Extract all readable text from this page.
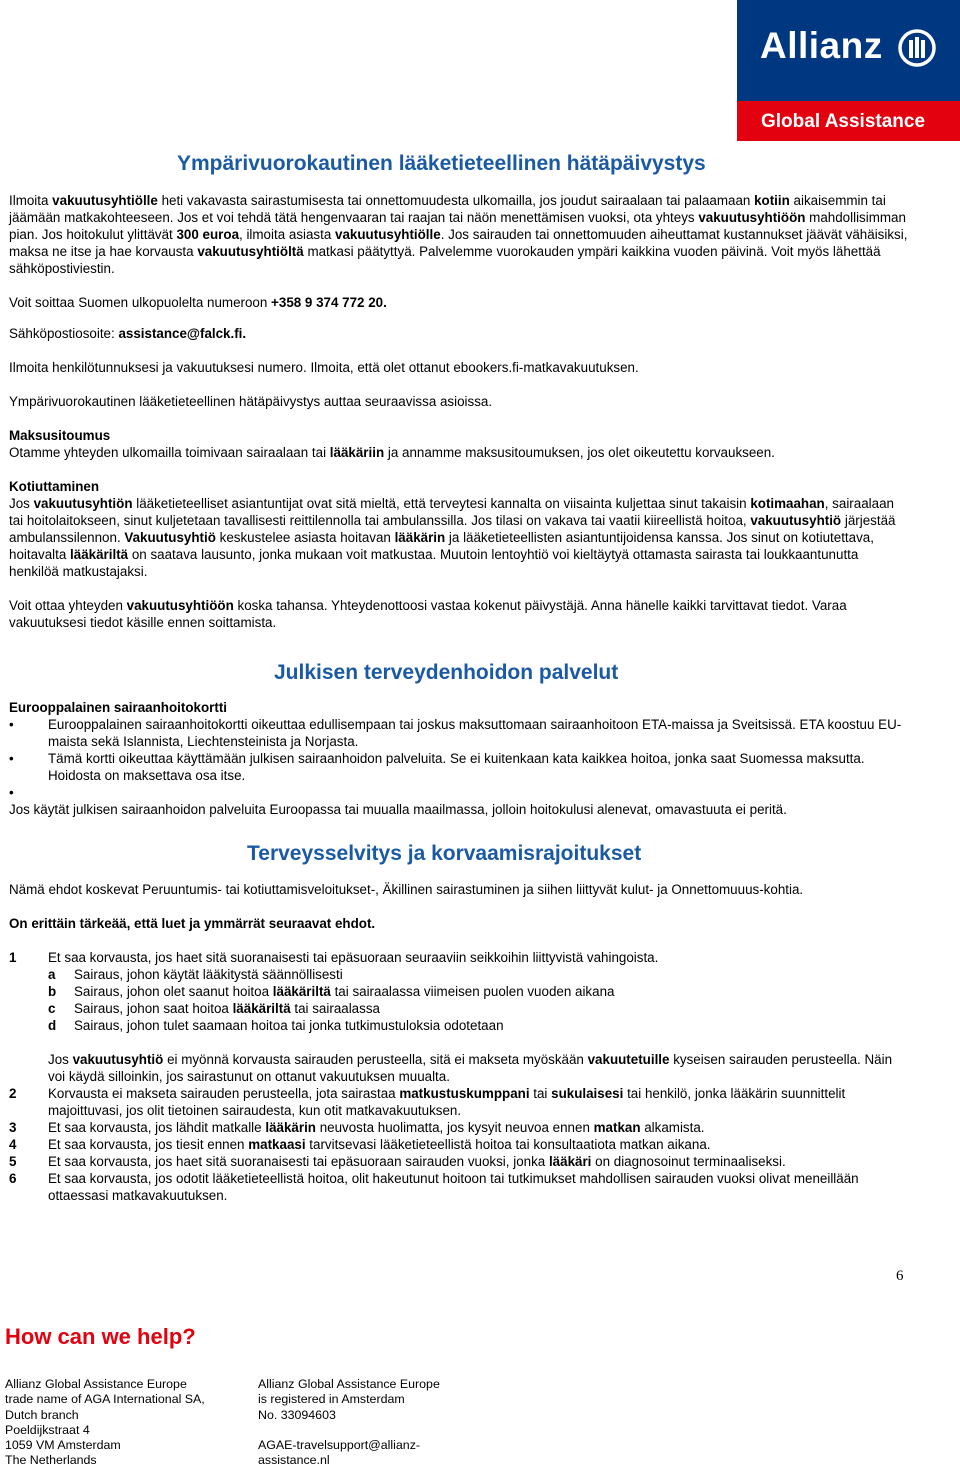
Allianz
Global Assistance
Ympärivuorokautinen lääketieteellinen hätäpäivystys

Ilmoita vakuutusyhtiölle heti vakavasta sairastumisesta tai onnettomuudesta ulkomailla, jos joudut sairaalaan tai palaamaan kotiin aikaisemmin tai jäämään matkakohteeseen. Jos et voi tehdä tätä hengenvaaran tai raajan tai näön menettämisen vuoksi, ota yhteys vakuutusyhtiöön mahdollisimman pian. Jos hoitokulut ylittävät 300 euroa, ilmoita asiasta vakuutusyhtiölle. Jos sairauden tai onnettomuuden aiheuttamat kustannukset jäävät vähäisiksi, maksa ne itse ja hae korvausta vakuutusyhtiöltä matkasi päätyttyä. Palvelemme vuorokauden ympäri kaikkina vuoden päivinä. Voit myös lähettää sähköpostiviestin.

Voit soittaa Suomen ulkopuolelta numeroon +358 9 374 772 20.

Sähköpostiosoite: assistance@falck.fi.

Ilmoita henkilötunnuksesi ja vakuutuksesi numero. Ilmoita, että olet ottanut ebookers.fi-matkavakuutuksen.

Ympärivuorokautinen lääketieteellinen hätäpäivystys auttaa seuraavissa asioissa.

Maksusitoumus

Otamme yhteyden ulkomailla toimivaan sairaalaan tai lääkäriin ja annamme maksusitoumuksen, jos olet oikeutettu korvaukseen.

Kotiuttaminen

Jos vakuutusyhtiön lääketieteelliset asiantuntijat ovat sitä mieltä, että terveytesi kannalta on viisainta kuljettaa sinut takaisin kotimaahan, sairaalaan tai hoitolaitokseen, sinut kuljetetaan tavallisesti reittilennolla tai ambulanssilla. Jos tilasi on vakava tai vaatii kiireellistä hoitoa, vakuutusyhtiö järjestää ambulanssilennon. Vakuutusyhtiö keskustelee asiasta hoitavan lääkärin ja lääketieteellisten asiantuntijoidensa kanssa. Jos sinut on kotiutettava, hoitavalta lääkäriltä on saatava lausunto, jonka mukaan voit matkustaa. Muutoin lentoyhtiö voi kieltäytyä ottamasta sairasta tai loukkaantunutta henkilöä matkustajaksi.

Voit ottaa yhteyden vakuutusyhtiöön koska tahansa. Yhteydenottoosi vastaa kokenut päivystäjä. Anna hänelle kaikki tarvittavat tiedot. Varaa vakuutuksesi tiedot käsille ennen soittamista.

Julkisen terveydenhoidon palvelut

Eurooppalainen sairaanhoitokortti

•	Eurooppalainen sairaanhoitokortti oikeuttaa edullisempaan tai joskus maksuttomaan sairaanhoitoon ETA-maissa ja Sveitsissä. ETA koostuu EU-maista sekä Islannista, Liechtensteinista ja Norjasta.
•	Tämä kortti oikeuttaa käyttämään julkisen sairaanhoidon palveluita. Se ei kuitenkaan kata kaikkea hoitoa, jonka saat Suomessa maksutta. Hoidosta on maksettava osa itse.
•

Jos käytät julkisen sairaanhoidon palveluita Euroopassa tai muualla maailmassa, jolloin hoitokulusi alenevat, omavastuuta ei peritä.

Terveysselvitys ja korvaamisrajoitukset

Nämä ehdot koskevat Peruuntumis- tai kotiuttamisveloitukset-, Äkillinen sairastuminen ja siihen liittyvät kulut- ja Onnettomuuus-kohtia.

On erittäin tärkeää, että luet ja ymmärrät seuraavat ehdot.

1	Et saa korvausta, jos haet sitä suoranaisesti tai epäsuoraan seuraaviin seikkoihin liittyvistä vahingoista.
a	Sairaus, johon käytät lääkitystä säännöllisesti
b	Sairaus, johon olet saanut hoitoa lääkäriltä tai sairaalassa viimeisen puolen vuoden aikana
c	Sairaus, johon saat hoitoa lääkäriltä tai sairaalassa
d	Sairaus, johon tulet saamaan hoitoa tai jonka tutkimustuloksia odotetaan
Jos vakuutusyhtiö ei myönnä korvausta sairauden perusteella, sitä ei makseta myöskään vakuutetuille kyseisen sairauden perusteella. Näin voi käydä silloinkin, jos sairastunut on ottanut vakuutuksen muualta.
2	Korvausta ei makseta sairauden perusteella, jota sairastaa matkustuskumppani tai sukulaisesi tai henkilö, jonka lääkärin suunnittelit majoittuvasi, jos olit tietoinen sairaudesta, kun otit matkavakuutuksen.
3	Et saa korvausta, jos lähdit matkalle lääkärin neuvosta huolimatta, jos kysyit neuvoa ennen matkan alkamista.
4	Et saa korvausta, jos tiesit ennen matkaasi tarvitsevasi lääketieteellistä hoitoa tai konsultaatiota matkan aikana.
5	Et saa korvausta, jos haet sitä suoranaisesti tai epäsuoraan sairauden vuoksi, jonka lääkäri on diagnosoinut terminaaliseksi.
6	Et saa korvausta, jos odotit lääketieteellistä hoitoa, olit hakeutunut hoitoon tai tutkimukset mahdollisen sairauden vuoksi olivat meneillään ottaessasi matkavakuutuksen.
6
How can we help?
Allianz Global Assistance Europe
trade name of AGA International SA,
Dutch branch
Poeldijkstraat 4
1059 VM Amsterdam
The Netherlands
Allianz Global Assistance Europe
is registered in Amsterdam
No. 33094603
AGAE-travelsupport@allianz-
assistance.nl
